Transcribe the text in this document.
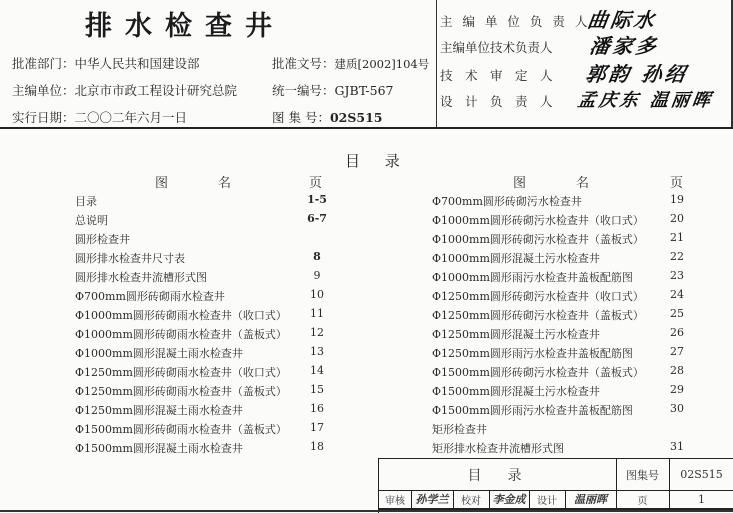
排水检查井
批准部门：中华人民共和国建设部
主编单位：北京市市政工程设计研究总院
实行日期：二〇〇二年六月一日
批准文号：建质[2002]104号
统一编号：GJBT-567
图 集 号：02S515
主 编 单 位 负 责 人
曲际水
主编单位技术负责人 潘家多
技　术　审　定　人 郭韵 孙绍
设　计　负　责　人 孟庆东 温丽晖
目 录
图　　名	页	图　　名	页
目录	1-5
总说明	6-7
圆形检查井
圆形排水检查井尺寸表	8
圆形排水检查井流槽形式图	9
Φ700mm圆形砖砌雨水检查井	10
Φ1000mm圆形砖砌雨水检查井（收口式）	11
Φ1000mm圆形砖砌雨水检查井（盖板式）	12
Φ1000mm圆形混凝土雨水检查井	13
Φ1250mm圆形砖砌雨水检查井（收口式）	14
Φ1250mm圆形砖砌雨水检查井（盖板式）	15
Φ1250mm圆形混凝土雨水检查井	16
Φ1500mm圆形砖砌雨水检查井（盖板式）	17
Φ1500mm圆形混凝土雨水检查井	18
Φ700mm圆形砖砌污水检查井	19
Φ1000mm圆形砖砌污水检查井（收口式）	20
Φ1000mm圆形砖砌污水检查井（盖板式）	21
Φ1000mm圆形混凝土污水检查井	22
Φ1000mm圆形雨污水检查井盖板配筋图	23
Φ1250mm圆形砖砌污水检查井（收口式）	24
Φ1250mm圆形砖砌污水检查井（盖板式）	25
Φ1250mm圆形混凝土污水检查井	26
Φ1250mm圆形雨污水检查井盖板配筋图	27
Φ1500mm圆形砖砌污水检查井（盖板式）	28
Φ1500mm圆形混凝土污水检查井	29
Φ1500mm圆形雨污水检查井盖板配筋图	30
矩形检查井
矩形排水检查井流槽形式图	31
目　录	图集号	02S515
审核 孙学兰	校对	李金成	设计	温丽晖	页	1
